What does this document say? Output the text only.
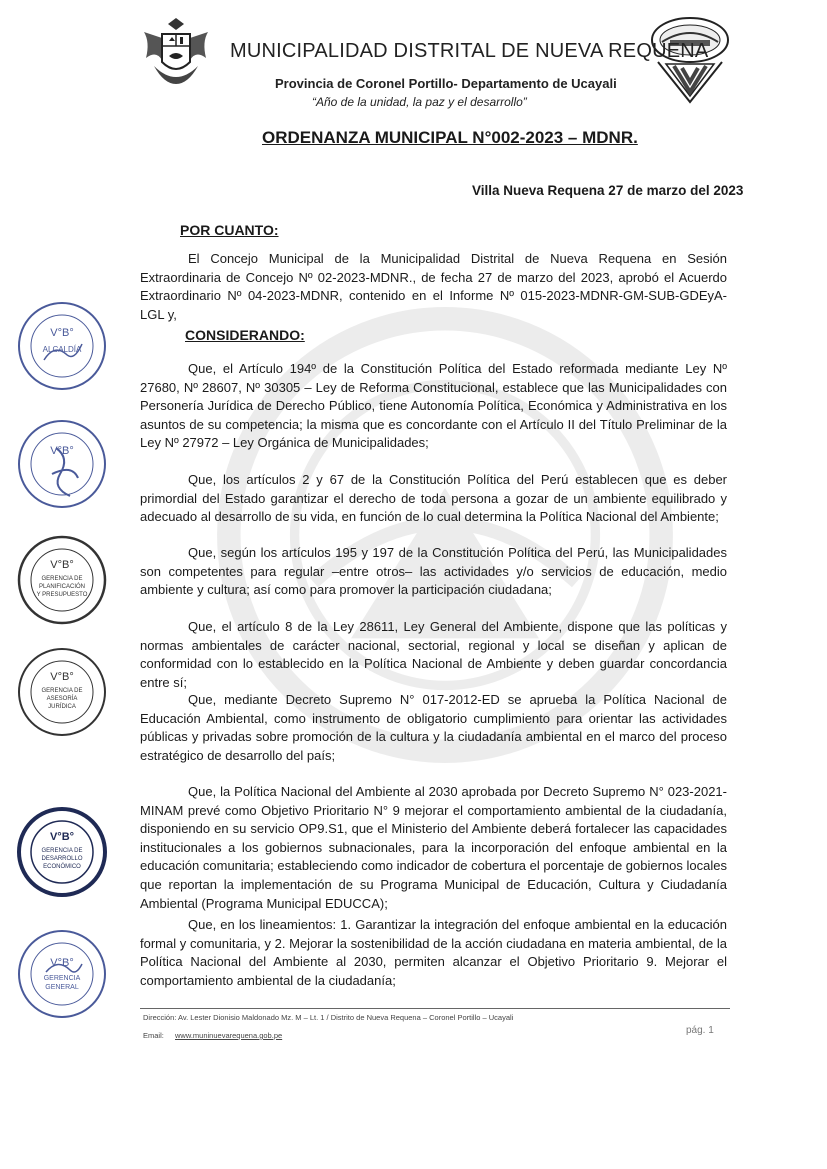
MUNICIPALIDAD DISTRITAL DE NUEVA REQUENA
Provincia de Coronel Portillo- Departamento de Ucayali
“Año de la unidad, la paz y el desarrollo”
ORDENANZA MUNICIPAL N°002-2023 – MDNR.
Villa Nueva Requena 27 de marzo del 2023
POR CUANTO:
El Concejo Municipal de la Municipalidad Distrital de Nueva Requena en Sesión Extraordinaria de Concejo Nº 02-2023-MDNR., de fecha 27 de marzo del 2023, aprobó el Acuerdo Extraordinario Nº 04-2023-MDNR, contenido en el Informe Nº 015-2023-MDNR-GM-SUB-GDEyA-LGL y,
CONSIDERANDO:
Que, el Artículo 194º de la Constitución Política del Estado reformada mediante Ley Nº 27680, Nº 28607, Nº 30305 – Ley de Reforma Constitucional, establece que las Municipalidades con Personería Jurídica de Derecho Público, tiene Autonomía Política, Económica y Administrativa en los asuntos de su competencia; la misma que es concordante con el Artículo II del Título Preliminar de la Ley Nº 27972 – Ley Orgánica de Municipalidades;
Que, los artículos 2 y 67 de la Constitución Política del Perú establecen que es deber primordial del Estado garantizar el derecho de toda persona a gozar de un ambiente equilibrado y adecuado al desarrollo de su vida, en función de lo cual determina la Política Nacional del Ambiente;
Que, según los artículos 195 y 197 de la Constitución Política del Perú, las Municipalidades son competentes para regular –entre otros– las actividades y/o servicios de educación, medio ambiente y cultura; así como para promover la participación ciudadana;
Que, el artículo 8 de la Ley 28611, Ley General del Ambiente, dispone que las políticas y normas ambientales de carácter nacional, sectorial, regional y local se diseñan y aplican de conformidad con lo establecido en la Política Nacional de Ambiente y deben guardar concordancia entre sí;
Que, mediante Decreto Supremo N° 017-2012-ED se aprueba la Política Nacional de Educación Ambiental, como instrumento de obligatorio cumplimiento para orientar las actividades públicas y privadas sobre promoción de la cultura y la ciudadanía ambiental en el marco del proceso estratégico de desarrollo del país;
Que, la Política Nacional del Ambiente al 2030 aprobada por Decreto Supremo N° 023-2021-MINAM prevé como Objetivo Prioritario N° 9 mejorar el comportamiento ambiental de la ciudadanía, disponiendo en su servicio OP9.S1, que el Ministerio del Ambiente deberá fortalecer las capacidades institucionales a los gobiernos subnacionales, para la incorporación del enfoque ambiental en la educación comunitaria; estableciendo como indicador de cobertura el porcentaje de gobiernos locales que reportan la implementación de su Programa Municipal de Educación, Cultura y Ciudadanía Ambiental (Programa Municipal EDUCCA);
Que, en los lineamientos: 1. Garantizar la integración del enfoque ambiental en la educación formal y comunitaria, y 2. Mejorar la sostenibilidad de la acción ciudadana en materia ambiental, de la Política Nacional del Ambiente al 2030, permiten alcanzar el Objetivo Prioritario 9. Mejorar el comportamiento ambiental de la ciudadanía;
V°B°
ALCALDÍA
V°B°
V°B°
GERENCIA DE
PLANIFICACIÓN
Y PRESUPUESTO
V°B°
GERENCIA DE
ASESORÍA
JURÍDICA
V°B°
GERENCIA DE
DESARROLLO
ECONÓMICO
V°B°
GERENCIA
GENERAL
Dirección: Av. Lester Dionisio Maldonado Mz. M – Lt. 1 / Distrito de Nueva Requena – Coronel Portillo – Ucayali
Email: www.muninuevarequena.gob.pe	pág. 1
